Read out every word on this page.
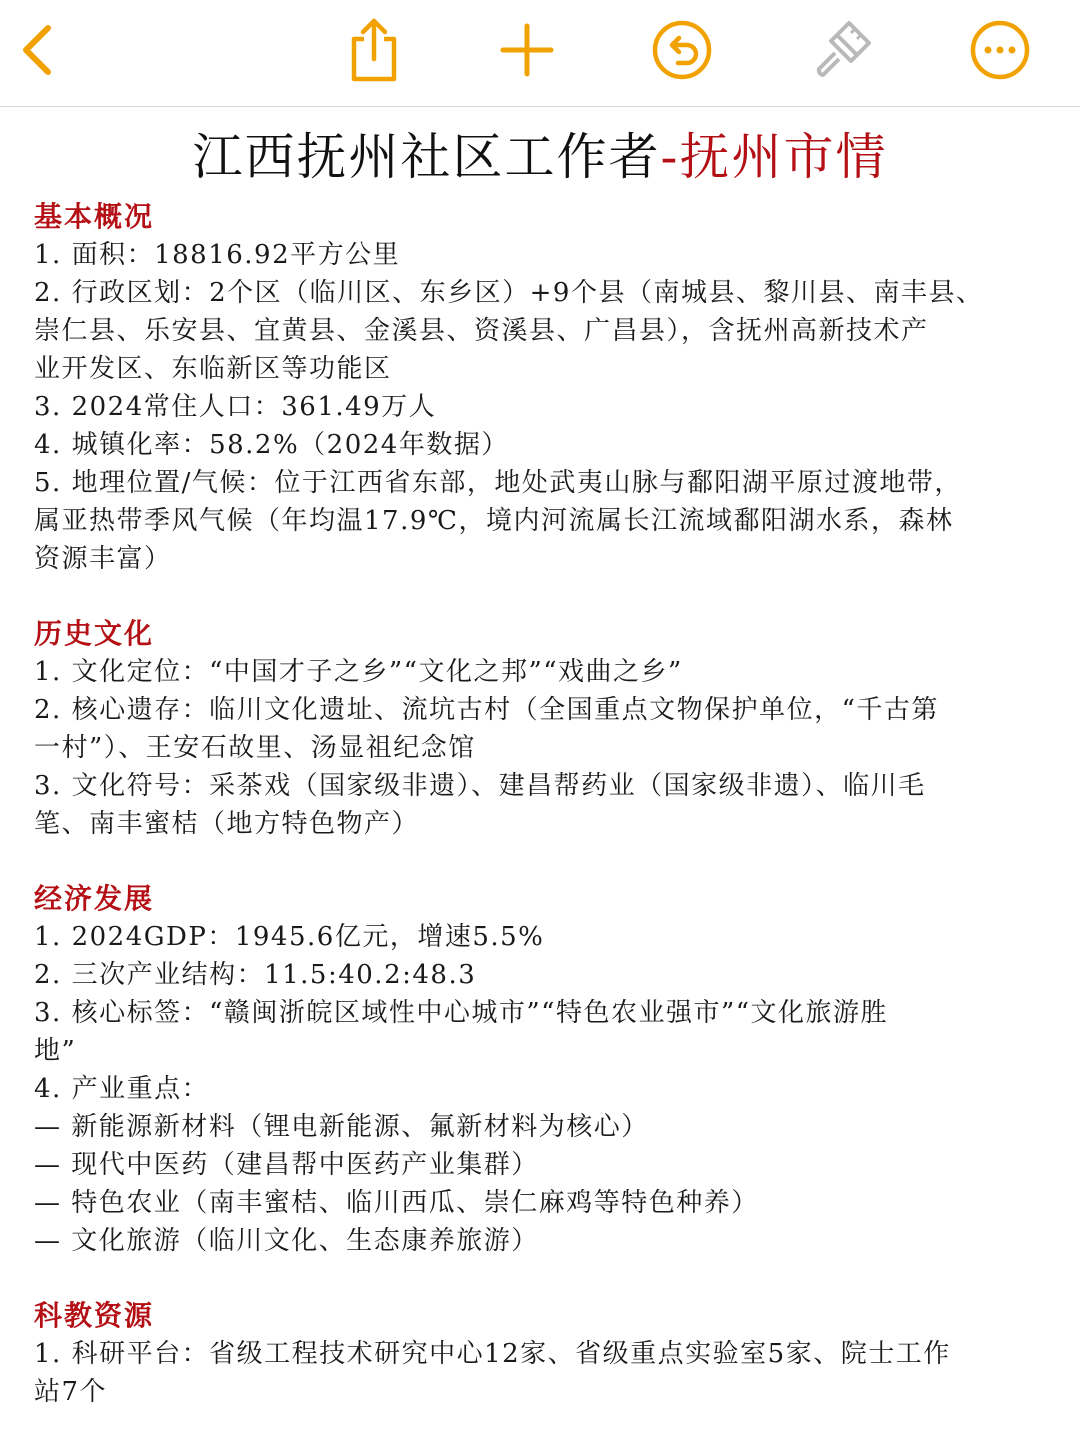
江西抚州社区工作者-抚州市情

基本概况

1. 面积：18816.92平方公里

2. 行政区划：2个区（临川区、东乡区）+9个县（南城县、黎川县、南丰县、

崇仁县、乐安县、宜黄县、金溪县、资溪县、广昌县），含抚州高新技术产

业开发区、东临新区等功能区

3. 2024常住人口：361.49万人

4. 城镇化率：58.2%（2024年数据）

5. 地理位置/气候：位于江西省东部，地处武夷山脉与鄱阳湖平原过渡地带，

属亚热带季风气候（年均温17.9℃，境内河流属长江流域鄱阳湖水系，森林

资源丰富）

历史文化

1. 文化定位：“中国才子之乡”“文化之邦”“戏曲之乡”

2. 核心遗存：临川文化遗址、流坑古村（全国重点文物保护单位，“千古第

一村”）、王安石故里、汤显祖纪念馆

3. 文化符号：采茶戏（国家级非遗）、建昌帮药业（国家级非遗）、临川毛

笔、南丰蜜桔（地方特色物产）

经济发展

1. 2024GDP：1945.6亿元，增速5.5%

2. 三次产业结构：11.5:40.2:48.3

3. 核心标签：“赣闽浙皖区域性中心城市”“特色农业强市”“文化旅游胜

地”

4. 产业重点：

— 新能源新材料（锂电新能源、氟新材料为核心）

— 现代中医药（建昌帮中医药产业集群）

— 特色农业（南丰蜜桔、临川西瓜、崇仁麻鸡等特色种养）

— 文化旅游（临川文化、生态康养旅游）

科教资源

1. 科研平台：省级工程技术研究中心12家、省级重点实验室5家、院士工作

站7个
